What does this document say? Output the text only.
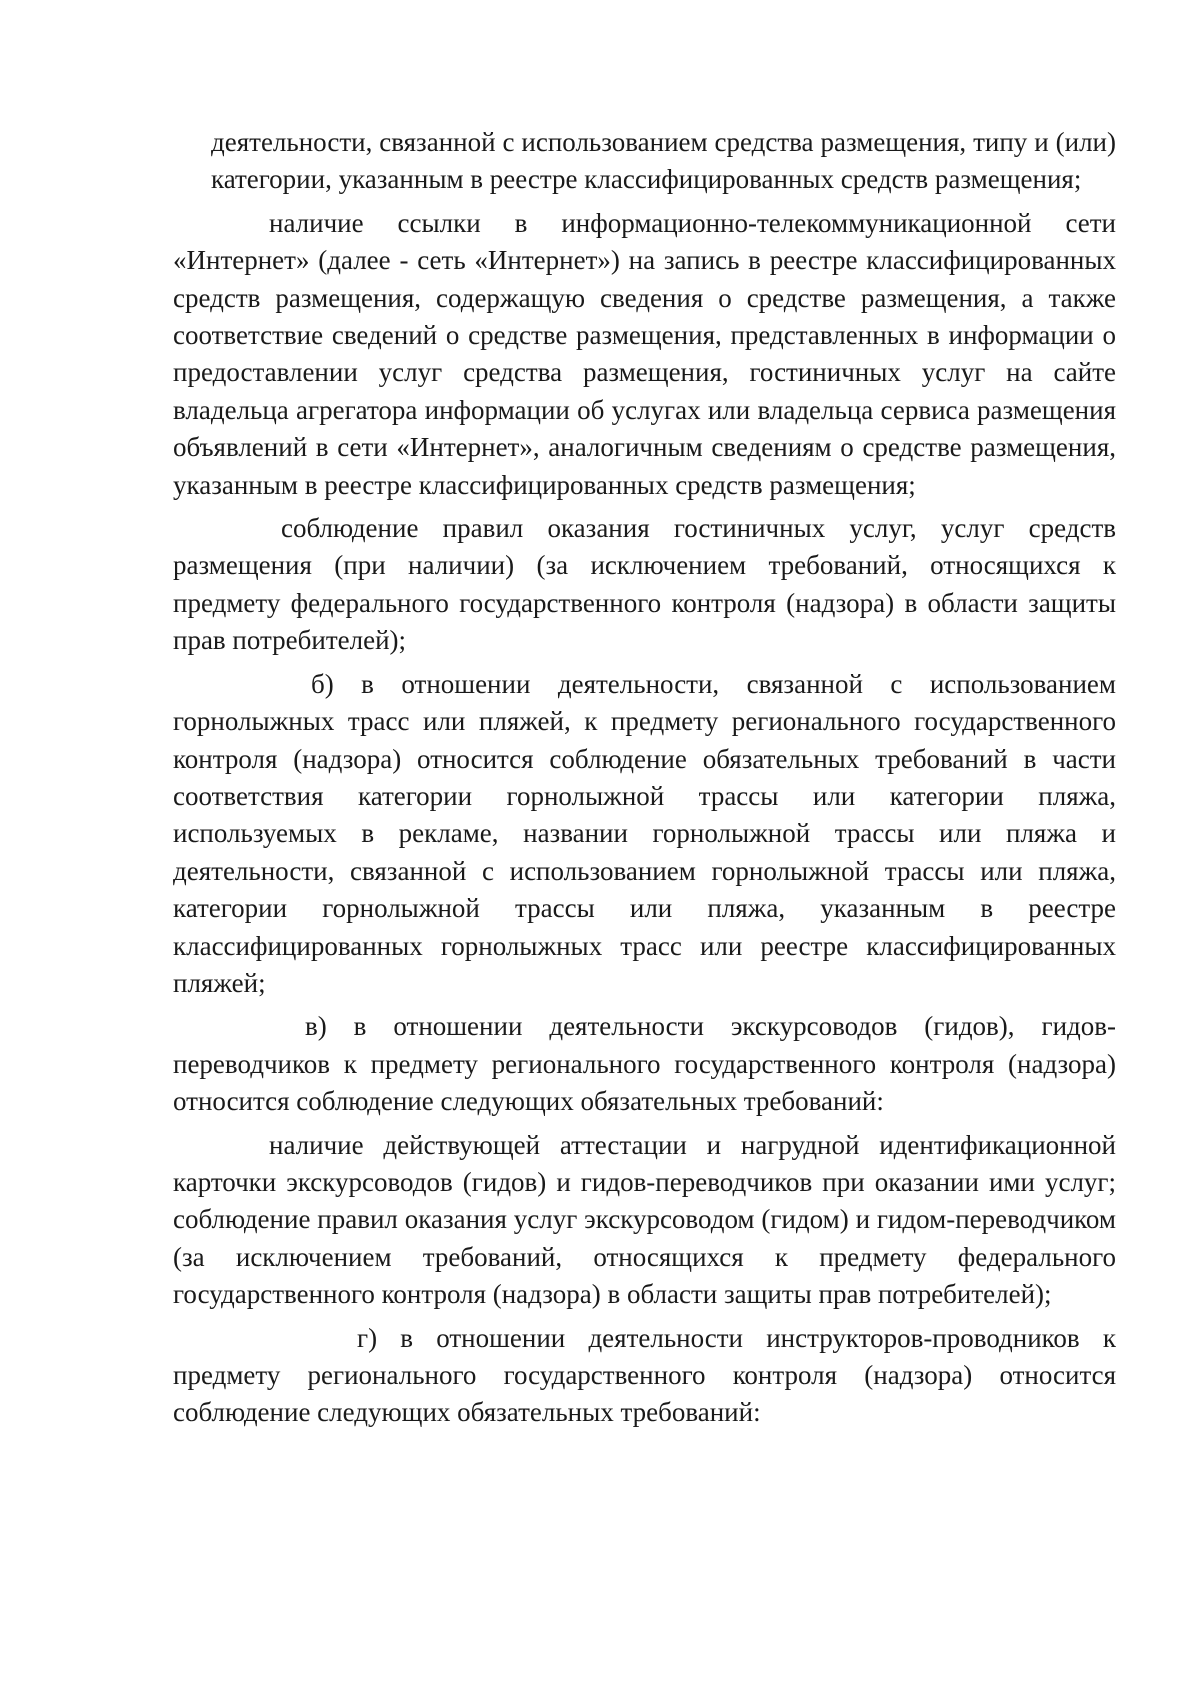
деятельности, связанной с использованием средства размещения, типу и (или) категории, указанным в реестре классифицированных средств размещения;

наличие ссылки в информационно-телекоммуникационной сети «Интернет» (далее - сеть «Интернет») на запись в реестре классифицированных средств размещения, содержащую сведения о средстве размещения, а также соответствие сведений о средстве размещения, представленных в информации о предоставлении услуг средства размещения, гостиничных услуг на сайте владельца агрегатора информации об услугах или владельца сервиса размещения объявлений в сети «Интернет», аналогичным сведениям о средстве размещения, указанным в реестре классифицированных средств размещения;

соблюдение правил оказания гостиничных услуг, услуг средств размещения (при наличии) (за исключением требований, относящихся к предмету федерального государственного контроля (надзора) в области защиты прав потребителей);

б) в отношении деятельности, связанной с использованием горнолыжных трасс или пляжей, к предмету регионального государственного контроля (надзора) относится соблюдение обязательных требований в части соответствия категории горнолыжной трассы или категории пляжа, используемых в рекламе, названии горнолыжной трассы или пляжа и деятельности, связанной с использованием горнолыжной трассы или пляжа, категории горнолыжной трассы или пляжа, указанным в реестре классифицированных горнолыжных трасс или реестре классифицированных пляжей;

в) в отношении деятельности экскурсоводов (гидов), гидов-переводчиков к предмету регионального государственного контроля (надзора) относится соблюдение следующих обязательных требований:

наличие действующей аттестации и нагрудной идентификационной карточки экскурсоводов (гидов) и гидов-переводчиков при оказании ими услуг; соблюдение правил оказания услуг экскурсоводом (гидом) и гидом-переводчиком (за исключением требований, относящихся к предмету федерального государственного контроля (надзора) в области защиты прав потребителей);

г) в отношении деятельности инструкторов-проводников к предмету регионального государственного контроля (надзора) относится соблюдение следующих обязательных требований:
